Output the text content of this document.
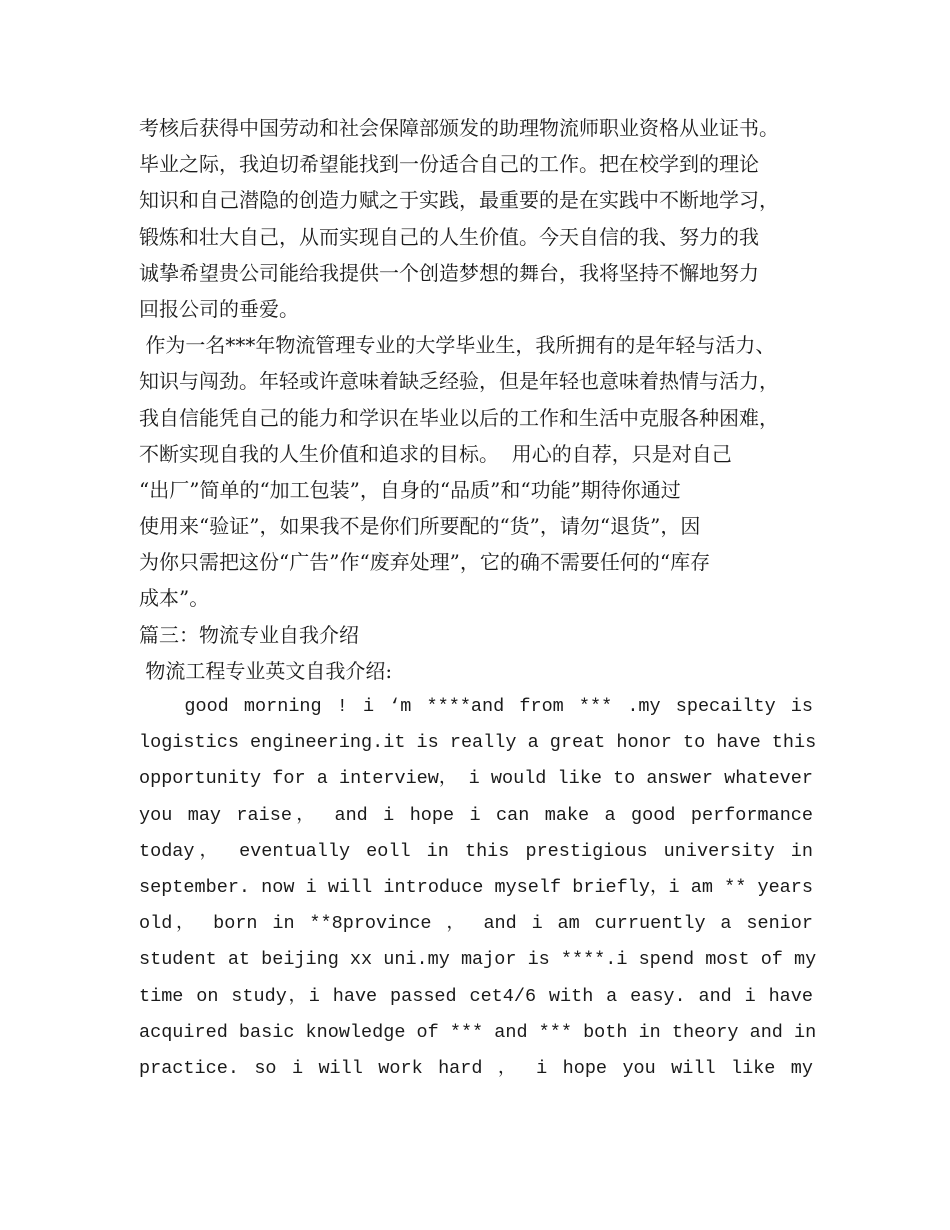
考核后获得中国劳动和社会保障部颁发的助理物流师职业资格从业证书。
毕业之际，我迫切希望能找到一份适合自己的工作。把在校学到的理论
知识和自己潜隐的创造力赋之于实践，最重要的是在实践中不断地学习，
锻炼和壮大自己，从而实现自己的人生价值。今天自信的我、努力的我
诚挚希望贵公司能给我提供一个创造梦想的舞台，我将坚持不懈地努力
回报公司的垂爱。
作为一名***年物流管理专业的大学毕业生，我所拥有的是年轻与活力、
知识与闯劲。年轻或许意味着缺乏经验，但是年轻也意味着热情与活力，
我自信能凭自己的能力和学识在毕业以后的工作和生活中克服各种困难，
不断实现自我的人生价值和追求的目标。  用心的自荐，只是对自己
“出厂”简单的“加工包装”，自身的“品质”和“功能”期待你通过
使用来“验证”，如果我不是你们所要配的“货”，请勿“退货”，因
为你只需把这份“广告”作“废弃处理”，它的确不需要任何的“库存
成本”。
篇三：物流专业自我介绍
物流工程专业英文自我介绍:
good morning ! i ‘m ****and from *** .my specailty is
logistics engineering.it is really a great honor to have this
opportunity for a interview， i would like to answer whatever
you may raise， and i hope i can make a good performance
today， eventually eoll in this prestigious university in
september. now i will introduce myself briefly，i am ** years
old， born in **8province ， and i am curruently a senior
student at beijing xx uni.my major is ****.i spend most of my
time on study，i have passed cet4/6 with a easy. and i have
acquired basic knowledge of *** and *** both in theory and in
practice. so i will work hard ， i hope you will like my
